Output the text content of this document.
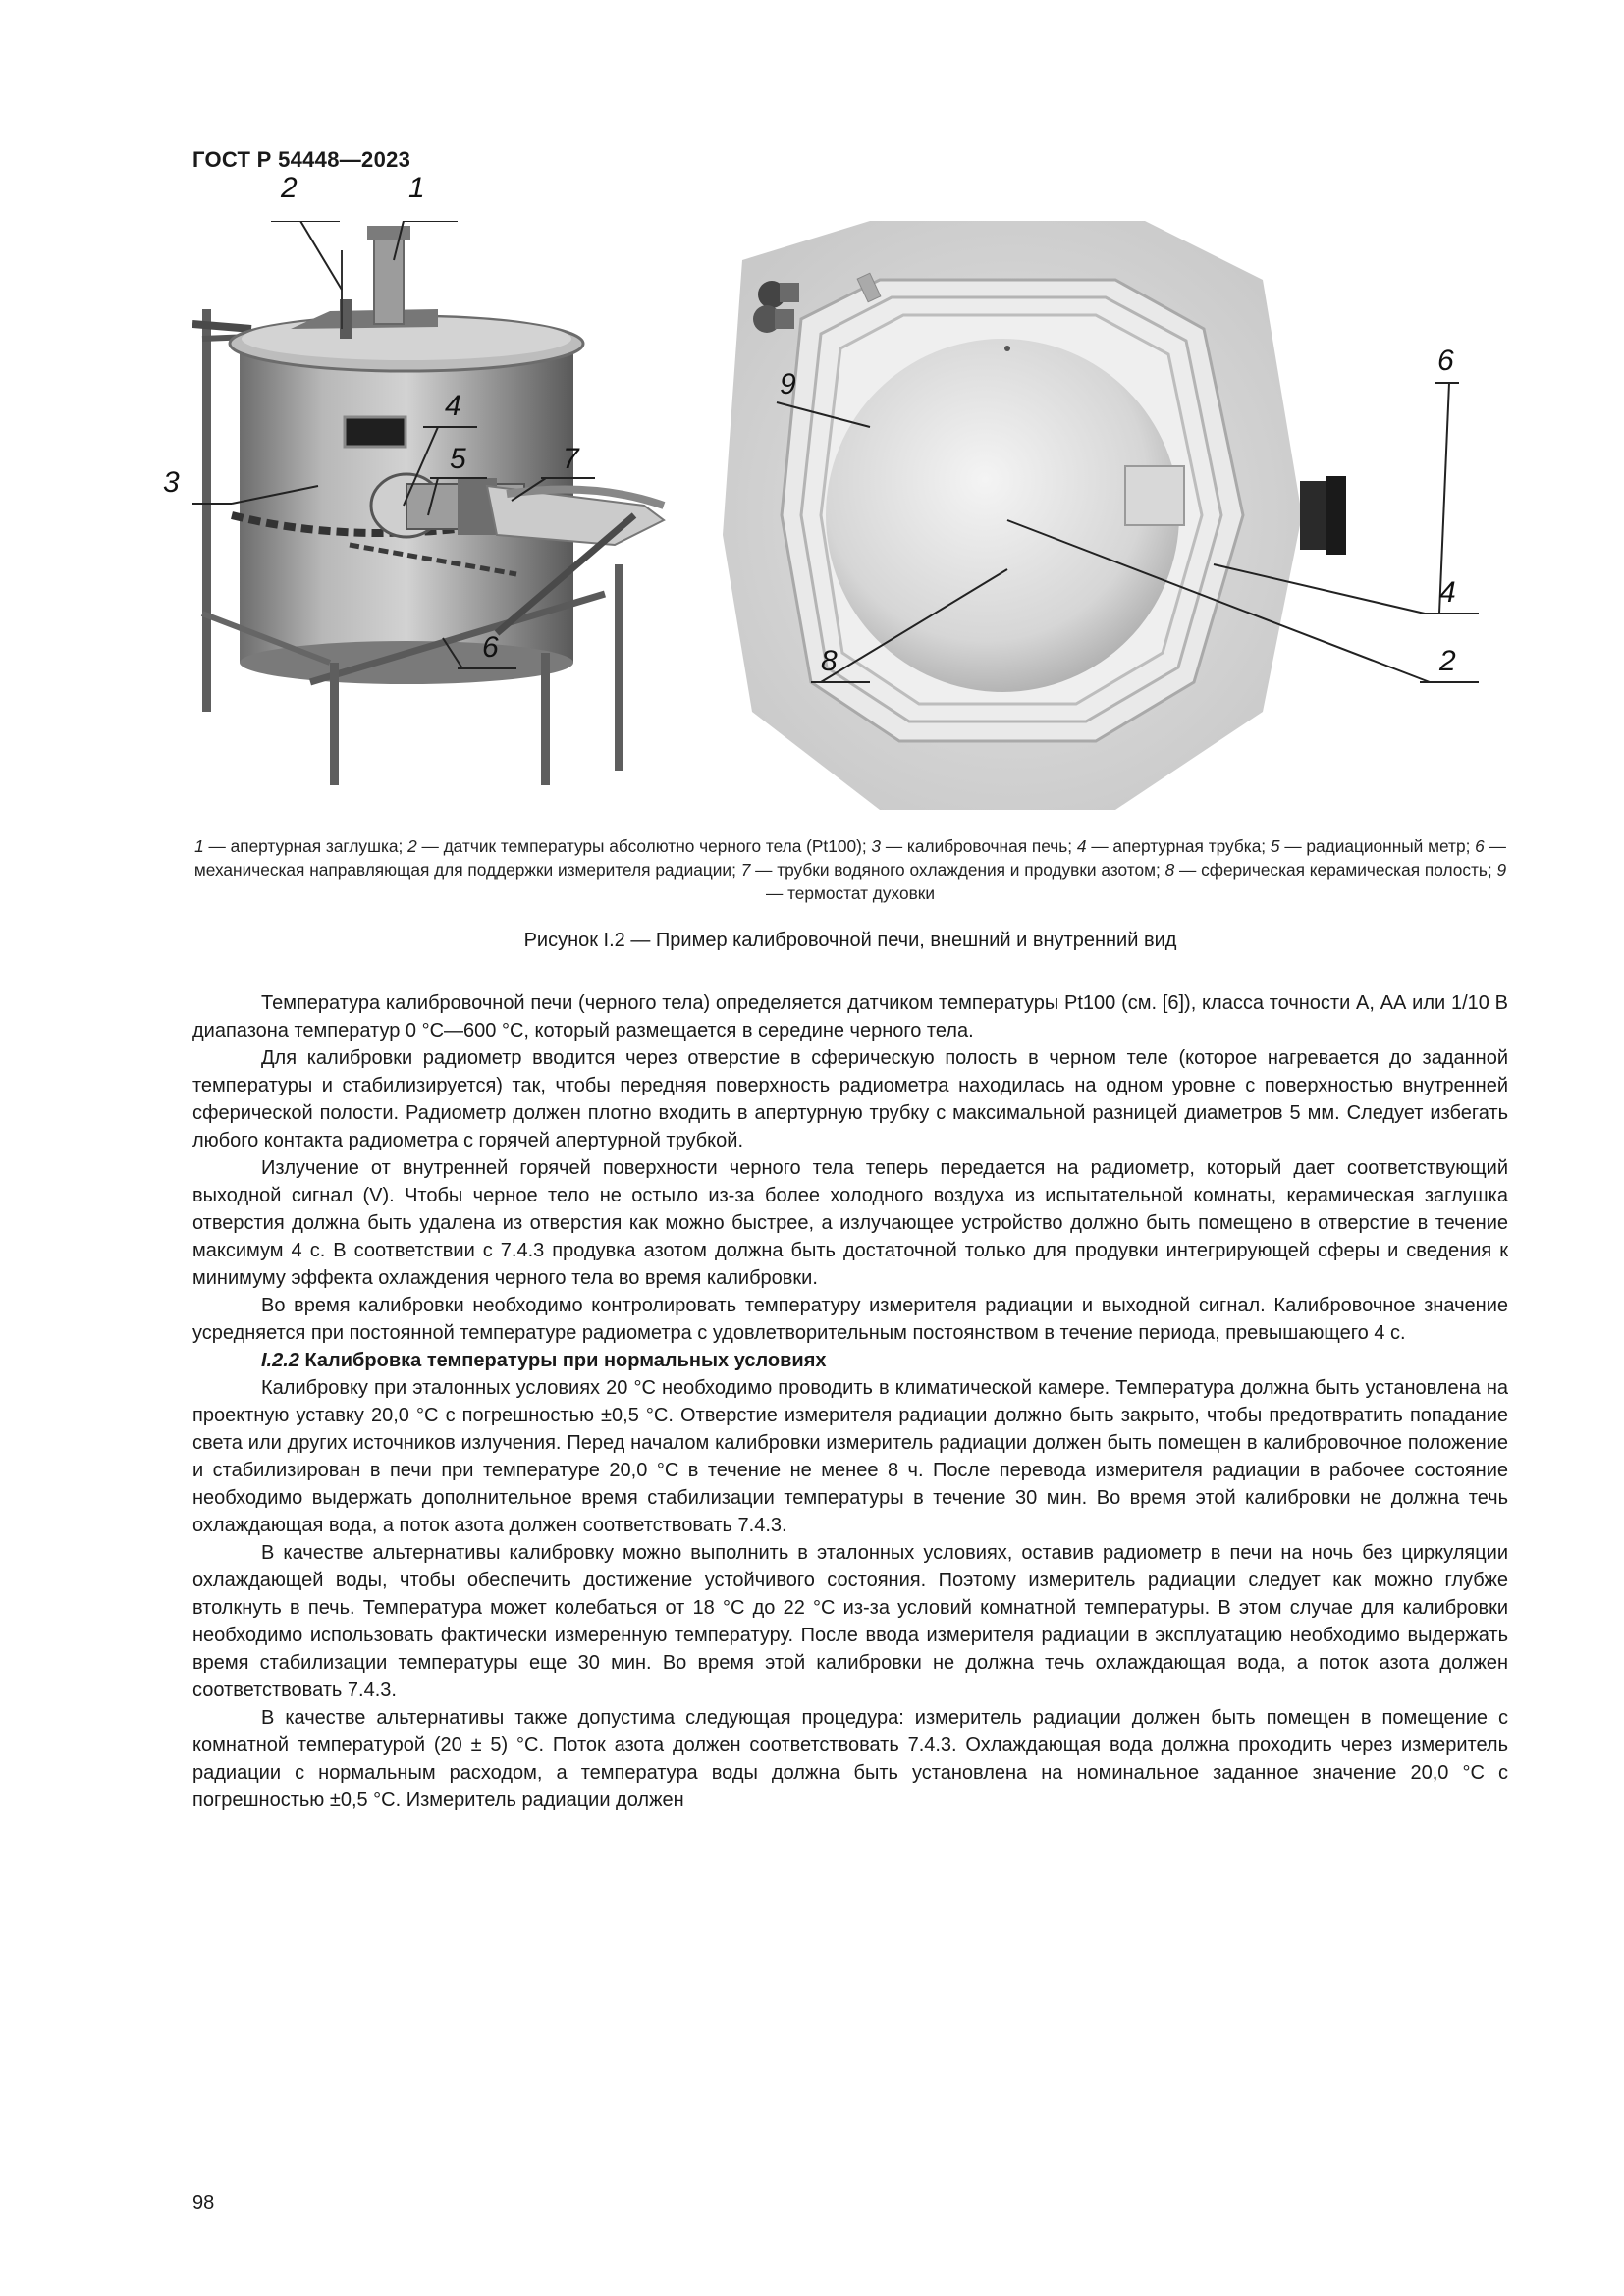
ГОСТ Р 54448—2023
1
2
3
4
5
6
7
9
6
4
8	2
1 — апертурная заглушка; 2 — датчик температуры абсолютно черного тела (Pt100); 3 — калибровочная печь; 4 — апертурная трубка; 5 — радиационный метр; 6 — механическая направляющая для поддержки измерителя радиации; 7 — трубки водяного охлаждения и продувки азотом; 8 — сферическая керамическая полость; 9 — термостат духовки
Рисунок I.2 — Пример калибровочной печи, внешний и внутренний вид

Температура калибровочной печи (черного тела) определяется датчиком температуры Pt100 (см. [6]), класса точности А, АА или 1/10 В диапазона температур 0 °C—600 °C, который размещается в середине черного тела.

Для калибровки радиометр вводится через отверстие в сферическую полость в черном теле (которое нагревается до заданной температуры и стабилизируется) так, чтобы передняя поверхность радиометра находилась на одном уровне с поверхностью внутренней сферической полости. Радиометр должен плотно входить в апертурную трубку с максимальной разницей диаметров 5 мм. Следует избегать любого контакта радиометра с горячей апертурной трубкой.

Излучение от внутренней горячей поверхности черного тела теперь передается на радиометр, который дает соответствующий выходной сигнал (V). Чтобы черное тело не остыло из-за более холодного воздуха из испытательной комнаты, керамическая заглушка отверстия должна быть удалена из отверстия как можно быстрее, а излучающее устройство должно быть помещено в отверстие в течение максимум 4 с. В соответствии с 7.4.3 продувка азотом должна быть достаточной только для продувки интегрирующей сферы и сведения к минимуму эффекта охлаждения черного тела во время калибровки.

Во время калибровки необходимо контролировать температуру измерителя радиации и выходной сигнал. Калибровочное значение усредняется при постоянной температуре радиометра с удовлетворительным постоянством в течение периода, превышающего 4 с.

I.2.2 Калибровка температуры при нормальных условиях

Калибровку при эталонных условиях 20 °C необходимо проводить в климатической камере. Температура должна быть установлена на проектную уставку 20,0 °C с погрешностью ±0,5 °C. Отверстие измерителя радиации должно быть закрыто, чтобы предотвратить попадание света или других источников излучения. Перед началом калибровки измеритель радиации должен быть помещен в калибровочное положение и стабилизирован в печи при температуре 20,0 °C в течение не менее 8 ч. После перевода измерителя радиации в рабочее состояние необходимо выдержать дополнительное время стабилизации температуры в течение 30 мин. Во время этой калибровки не должна течь охлаждающая вода, а поток азота должен соответствовать 7.4.3.

В качестве альтернативы калибровку можно выполнить в эталонных условиях, оставив радиометр в печи на ночь без циркуляции охлаждающей воды, чтобы обеспечить достижение устойчивого состояния. Поэтому измеритель радиации следует как можно глубже втолкнуть в печь. Температура может колебаться от 18 °C до 22 °C из-за условий комнатной температуры. В этом случае для калибровки необходимо использовать фактически измеренную температуру. После ввода измерителя радиации в эксплуатацию необходимо выдержать время стабилизации температуры еще 30 мин. Во время этой калибровки не должна течь охлаждающая вода, а поток азота должен соответствовать 7.4.3.

В качестве альтернативы также допустима следующая процедура: измеритель радиации должен быть помещен в помещение с комнатной температурой (20 ± 5) °C. Поток азота должен соответствовать 7.4.3. Охлаждающая вода должна проходить через измеритель радиации с нормальным расходом, а температура воды должна быть установлена на номинальное заданное значение 20,0 °C с погрешностью ±0,5 °C. Измеритель радиации должен

98
